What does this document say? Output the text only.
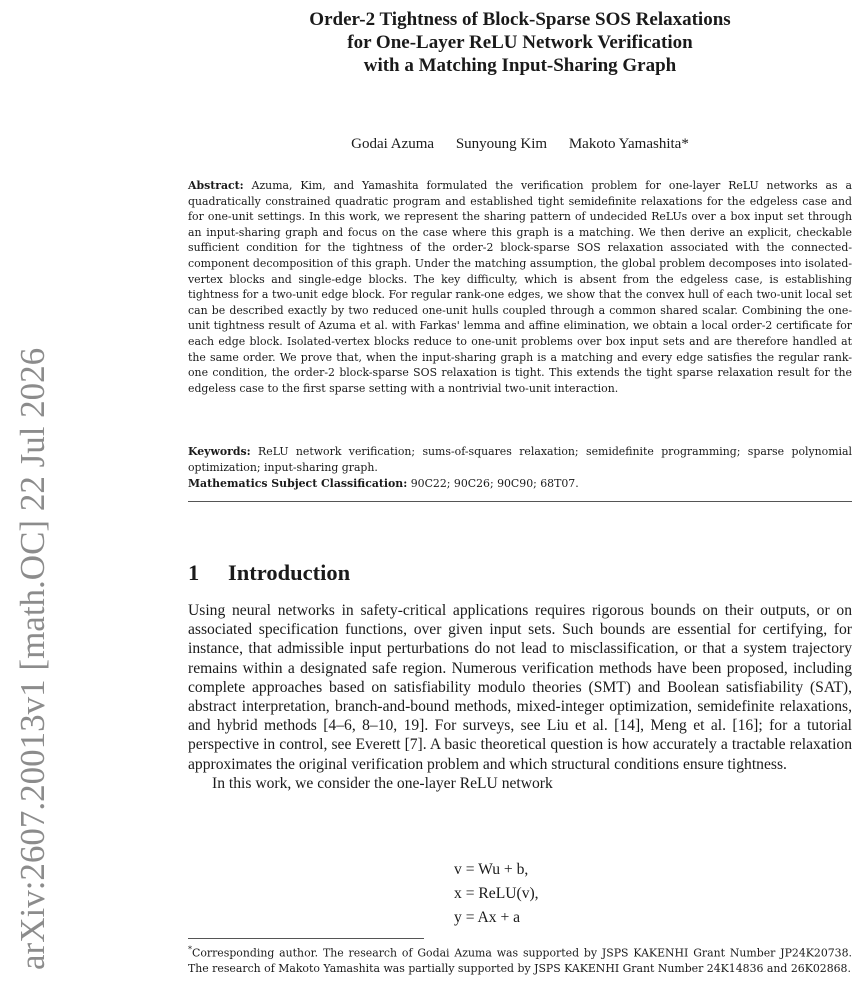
arXiv:2607.20013v1 [math.OC] 22 Jul 2026
Order-2 Tightness of Block-Sparse SOS Relaxations
for One-Layer ReLU Network Verification
with a Matching Input-Sharing Graph
Godai Azuma Sunyoung Kim Makoto Yamashita*
Abstract: Azuma, Kim, and Yamashita formulated the verification problem for one-layer ReLU networks as a quadratically constrained quadratic program and established tight semidefinite relaxations for the edgeless case and for one-unit settings. In this work, we represent the sharing pattern of undecided ReLUs over a box input set through an input-sharing graph and focus on the case where this graph is a matching. We then derive an explicit, checkable sufficient condition for the tightness of the order-2 block-sparse SOS relaxation associated with the connected-component decomposition of this graph. Under the matching assumption, the global problem decomposes into isolated-vertex blocks and single-edge blocks. The key difficulty, which is absent from the edgeless case, is establishing tightness for a two-unit edge block. For regular rank-one edges, we show that the convex hull of each two-unit local set can be described exactly by two reduced one-unit hulls coupled through a common shared scalar. Combining the one-unit tightness result of Azuma et al. with Farkas' lemma and affine elimination, we obtain a local order-2 certificate for each edge block. Isolated-vertex blocks reduce to one-unit problems over box input sets and are therefore handled at the same order. We prove that, when the input-sharing graph is a matching and every edge satisfies the regular rank-one condition, the order-2 block-sparse SOS relaxation is tight. This extends the tight sparse relaxation result for the edgeless case to the first sparse setting with a nontrivial two-unit interaction.
Keywords: ReLU network verification; sums-of-squares relaxation; semidefinite programming; sparse polynomial optimization; input-sharing graph.
Mathematics Subject Classification: 90C22; 90C26; 90C90; 68T07.
1 Introduction

Using neural networks in safety-critical applications requires rigorous bounds on their outputs, or on associated specification functions, over given input sets. Such bounds are essential for certifying, for instance, that admissible input perturbations do not lead to misclassification, or that a system trajectory remains within a designated safe region. Numerous verification methods have been proposed, including complete approaches based on satisfiability modulo theories (SMT) and Boolean satisfiability (SAT), abstract interpretation, branch-and-bound methods, mixed-integer optimization, semidefinite relaxations, and hybrid methods [4–6, 8–10, 19]. For surveys, see Liu et al. [14], Meng et al. [16]; for a tutorial perspective in control, see Everett [7]. A basic theoretical question is how accurately a tractable relaxation approximates the original verification problem and which structural conditions ensure tightness.

In this work, we consider the one-layer ReLU network

v = Wu + b,
x = ReLU(v),
y = Ax + a
*Corresponding author. The research of Godai Azuma was supported by JSPS KAKENHI Grant Number JP24K20738. The research of Makoto Yamashita was partially supported by JSPS KAKENHI Grant Number 24K14836 and 26K02868.
